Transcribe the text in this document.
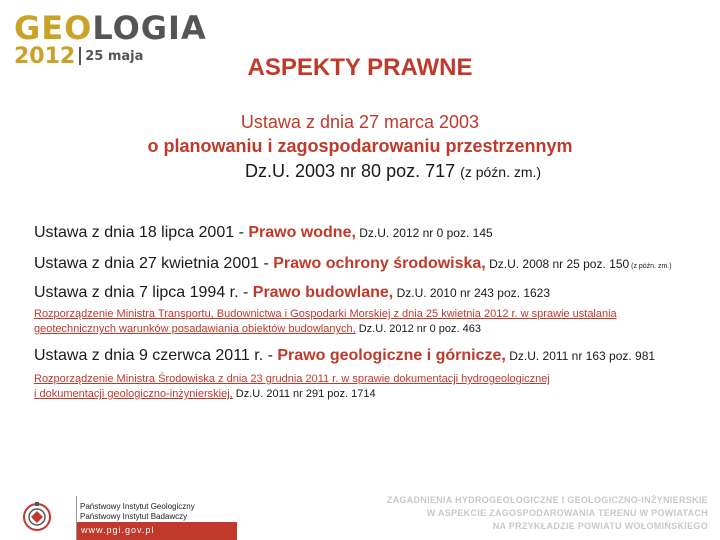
GEOLOGIA
2012 25 maja	ASPEKTY PRAWNE
Ustawa z dnia 27 marca 2003
o planowaniu i zagospodarowaniu przestrzennym
Dz.U. 2003 nr 80 poz. 717 (z późn. zm.)
Ustawa z dnia 18 lipca 2001 - Prawo wodne, Dz.U. 2012 nr 0 poz. 145
Ustawa z dnia 27 kwietnia 2001 - Prawo ochrony środowiska, Dz.U. 2008 nr 25 poz. 150 (z późn. zm.)
Ustawa z dnia 7 lipca 1994 r. - Prawo budowlane, Dz.U. 2010 nr 243 poz. 1623
Rozporządzenie Ministra Transportu, Budownictwa i Gospodarki Morskiej z dnia 25 kwietnia 2012 r. w sprawie ustalania
geotechnicznych warunków posadawiania obiektów budowlanych, Dz.U. 2012 nr 0 poz. 463
Ustawa z dnia 9 czerwca 2011 r. - Prawo geologiczne i górnicze, Dz.U. 2011 nr 163 poz. 981
Rozporządzenie Ministra Środowiska z dnia 23 grudnia 2011 r. w sprawie dokumentacji hydrogeologicznej
i dokumentacji geologiczno-inżynierskiej, Dz.U. 2011 nr 291 poz. 1714
Państwowy Instytut Geologiczny
Państwowy Instytut Badawczy
www.pgi.gov.pl
ZAGADNIENIA HYDROGEOLOGICZNE I GEOLOGICZNO-INŻYNIERSKIE
W ASPEKCIE ZAGOSPODAROWANIA TERENU W POWIATACH
NA PRZYKŁADZIE POWIATU WOŁOMIŃSKIEGO
